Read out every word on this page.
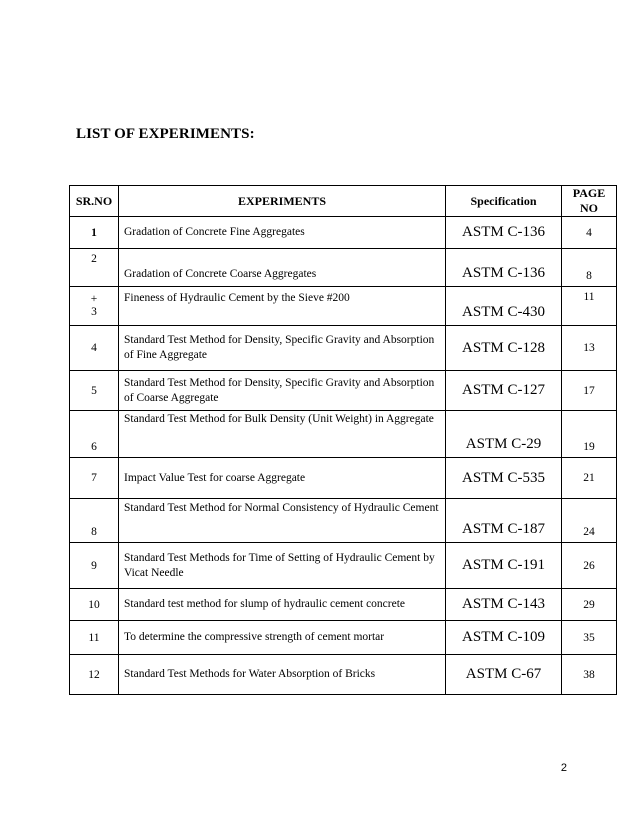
LIST OF EXPERIMENTS:
SR.NO	EXPERIMENTS	Specification	PAGE
NO

1	Gradation of Concrete Fine Aggregates	ASTM C-136	4
2	Gradation of Concrete Coarse Aggregates	ASTM C-136	8

+
3	Fineness of Hydraulic Cement by the Sieve #200	ASTM C-430	11
4	Standard Test Method for Density, Specific Gravity and Absorption of Fine Aggregate	ASTM C-128	13
5	Standard Test Method for Density, Specific Gravity and Absorption of Coarse Aggregate	ASTM C-127	17
6	Standard Test Method for Bulk Density (Unit Weight) in Aggregate	ASTM C-29	19
7	Impact Value Test for coarse Aggregate	ASTM C-535	21
8	Standard Test Method for Normal Consistency of Hydraulic Cement	ASTM C-187	24
9	Standard Test Methods for Time of Setting of Hydraulic Cement by Vicat Needle	ASTM C-191	26
10	Standard test method for slump of hydraulic cement concrete	ASTM C-143	29
11	To determine the compressive strength of cement mortar	ASTM C-109	35
12	Standard Test Methods for Water Absorption of Bricks	ASTM C-67	38
2
